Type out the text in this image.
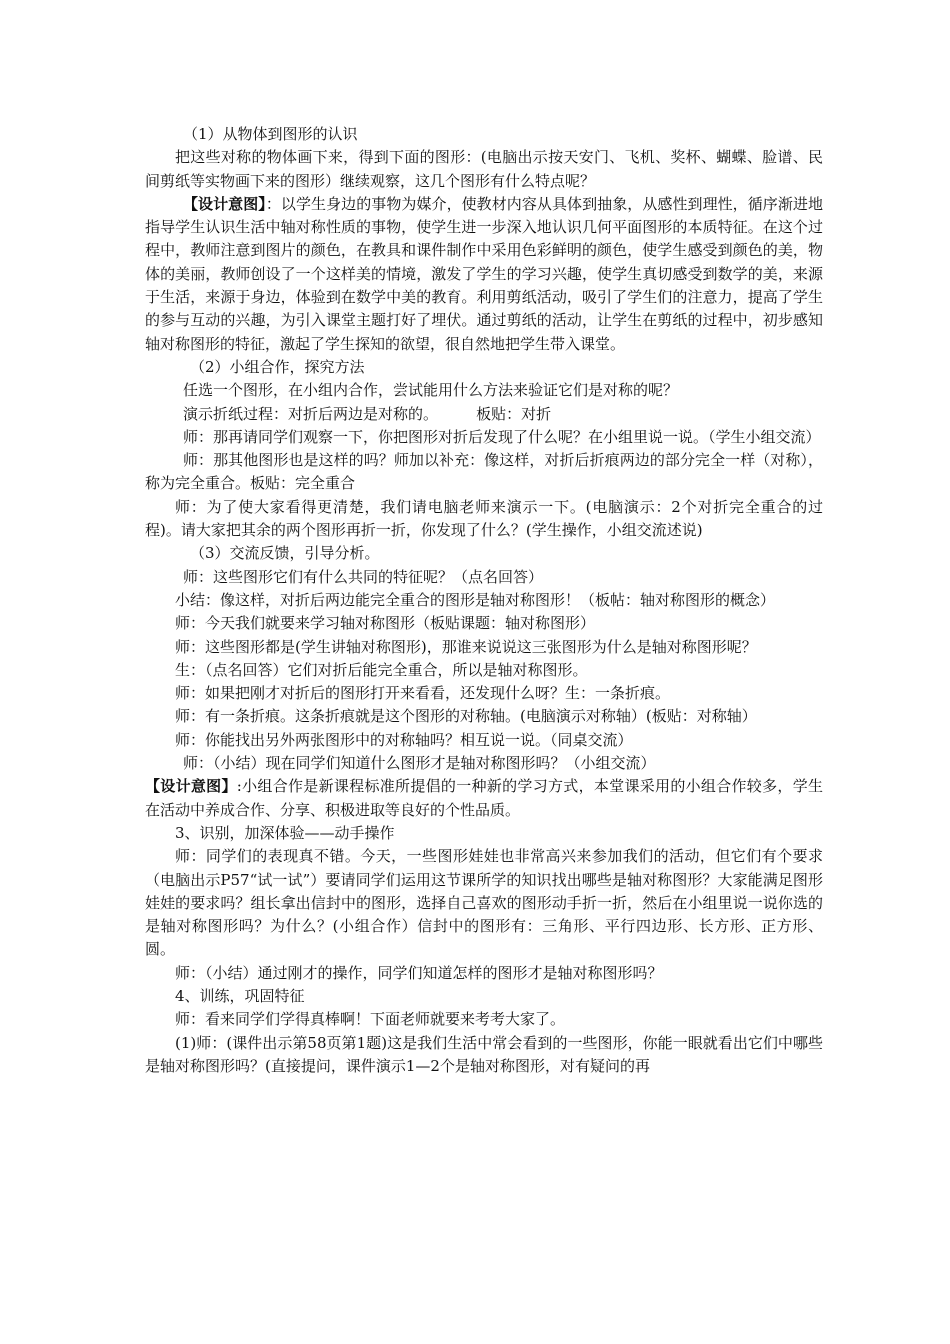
（1）从物体到图形的认识

把这些对称的物体画下来，得到下面的图形：(电脑出示按天安门、飞机、奖杯、蝴蝶、脸谱、民间剪纸等实物画下来的图形）继续观察，这几个图形有什么特点呢？

【设计意图】：以学生身边的事物为媒介，使教材内容从具体到抽象，从感性到理性，循序渐进地指导学生认识生活中轴对称性质的事物，使学生进一步深入地认识几何平面图形的本质特征。在这个过程中，教师注意到图片的颜色，在教具和课件制作中采用色彩鲜明的颜色，使学生感受到颜色的美，物体的美丽，教师创设了一个这样美的情境，激发了学生的学习兴趣，使学生真切感受到数学的美，来源于生活，来源于身边，体验到在数学中美的教育。利用剪纸活动，吸引了学生们的注意力，提高了学生的参与互动的兴趣，为引入课堂主题打好了埋伏。通过剪纸的活动，让学生在剪纸的过程中，初步感知轴对称图形的特征，激起了学生探知的欲望，很自然地把学生带入课堂。

（2）小组合作，探究方法

任选一个图形，在小组内合作，尝试能用什么方法来验证它们是对称的呢？

演示折纸过程：对折后两边是对称的。        板贴：对折

师：那再请同学们观察一下，你把图形对折后发现了什么呢？在小组里说一说。（学生小组交流）

师：那其他图形也是这样的吗？师加以补充：像这样，对折后折痕两边的部分完全一样（对称），称为完全重合。板贴：完全重合

师：为了使大家看得更清楚，我们请电脑老师来演示一下。(电脑演示：2个对折完全重合的过程)。请大家把其余的两个图形再折一折，你发现了什么？(学生操作，小组交流述说)

（3）交流反馈，引导分析。

师：这些图形它们有什么共同的特征呢？（点名回答）

小结：像这样，对折后两边能完全重合的图形是轴对称图形！（板帖：轴对称图形的概念）

师：今天我们就要来学习轴对称图形（板贴课题：轴对称图形）

师：这些图形都是(学生讲轴对称图形)，那谁来说说这三张图形为什么是轴对称图形呢？

生：（点名回答）它们对折后能完全重合，所以是轴对称图形。

师：如果把刚才对折后的图形打开来看看，还发现什么呀？生：一条折痕。

师：有一条折痕。这条折痕就是这个图形的对称轴。(电脑演示对称轴）(板贴：对称轴）

师：你能找出另外两张图形中的对称轴吗？相互说一说。（同桌交流）

师：（小结）现在同学们知道什么图形才是轴对称图形吗？（小组交流）

【设计意图】:小组合作是新课程标准所提倡的一种新的学习方式，本堂课采用的小组合作较多，学生在活动中养成合作、分享、积极进取等良好的个性品质。

3、识别，加深体验——动手操作

师：同学们的表现真不错。今天，一些图形娃娃也非常高兴来参加我们的活动，但它们有个要求（电脑出示P57“试一试”）要请同学们运用这节课所学的知识找出哪些是轴对称图形？大家能满足图形娃娃的要求吗？组长拿出信封中的图形，选择自己喜欢的图形动手折一折，然后在小组里说一说你选的是轴对称图形吗？为什么？(小组合作）信封中的图形有：三角形、平行四边形、长方形、正方形、圆。

师：（小结）通过刚才的操作，同学们知道怎样的图形才是轴对称图形吗？

4、训练，巩固特征

师：看来同学们学得真棒啊！下面老师就要来考考大家了。

(1)师：(课件出示第58页第1题)这是我们生活中常会看到的一些图形，你能一眼就看出它们中哪些是轴对称图形吗？(直接提问，课件演示1—2个是轴对称图形，对有疑问的再
